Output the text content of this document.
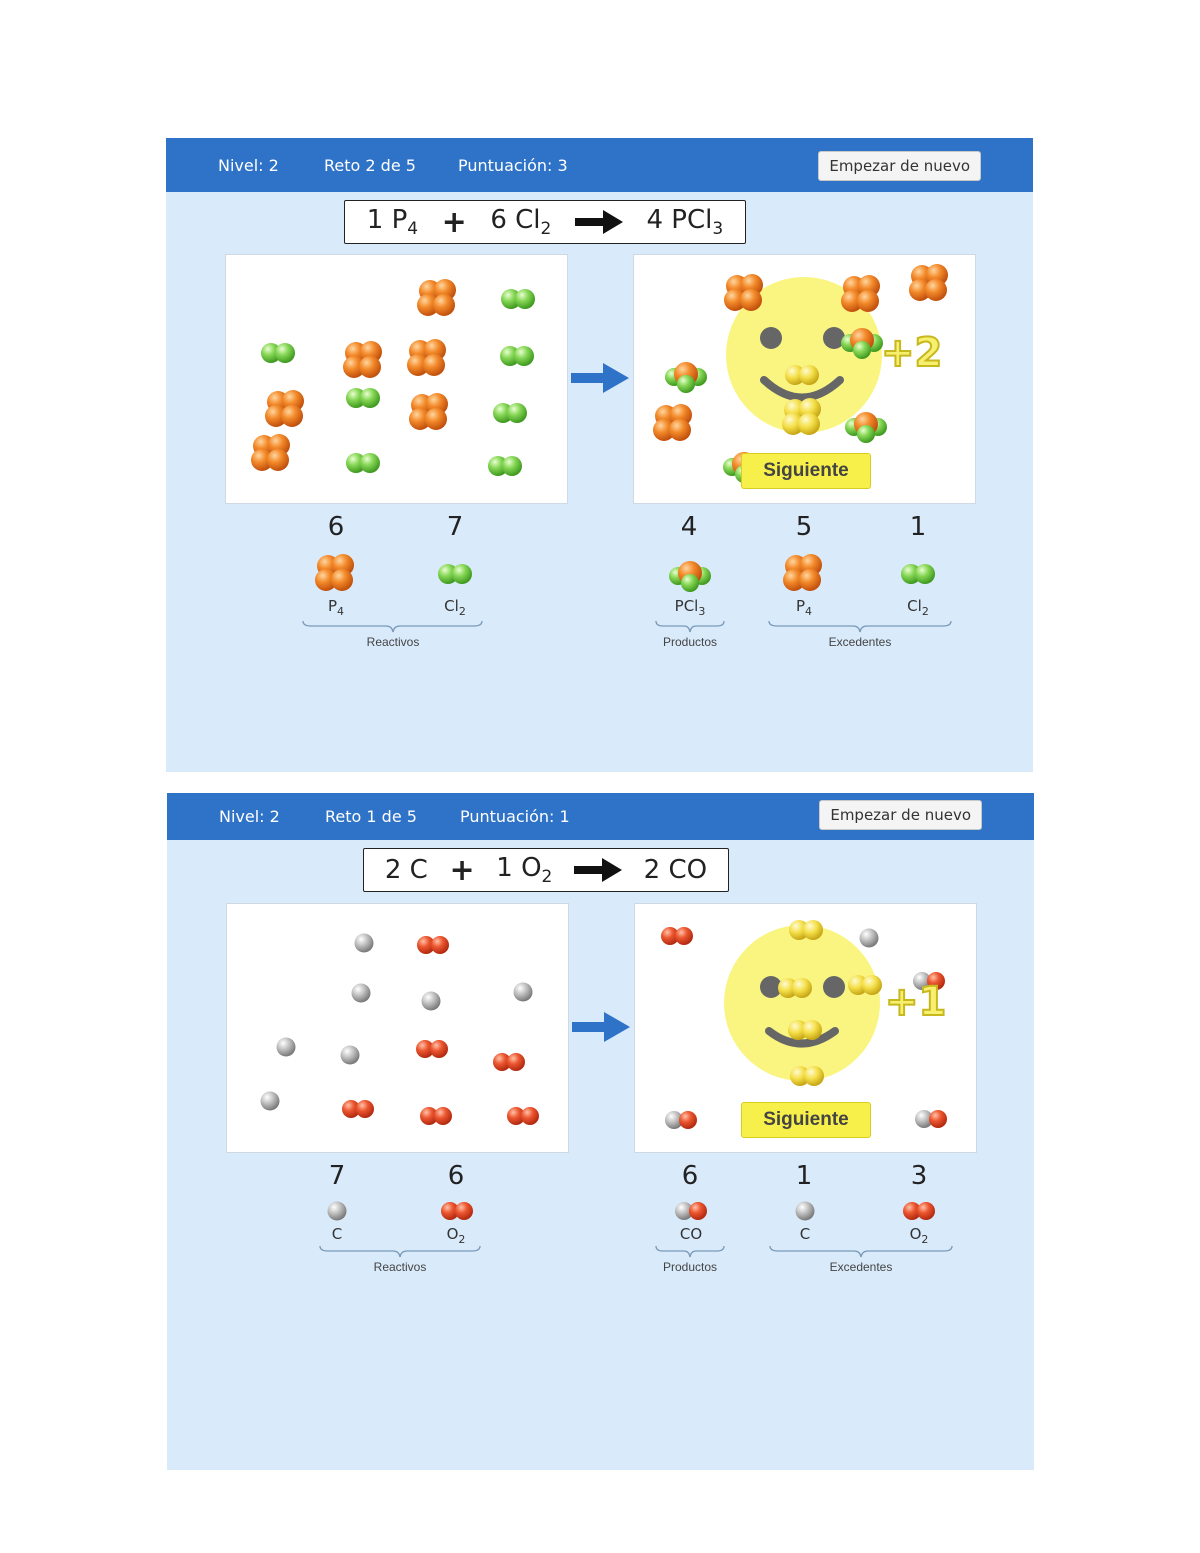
Nivel: 2	Reto 2 de 5	Puntuación: 3	Empezar de nuevo
1 $P_4 + 6$ $Cl_2$	4 PCl$_3$
+2
Siguiente
6	7	4	5	1
$P_4$	$Cl_2$	PCl$_3$	$P_4$	$Cl_2$
Reactivos	Productos	Excedentes
Nivel: 2	Reto 1 de 5	Puntuación: 1	Empezar de nuevo
2 C + 1 $O_2$	2 CO
+1
Siguiente
7	6	6	1	3
C	$O_2$	CO	C	$O_2$
Reactivos	Productos	Excedentes
